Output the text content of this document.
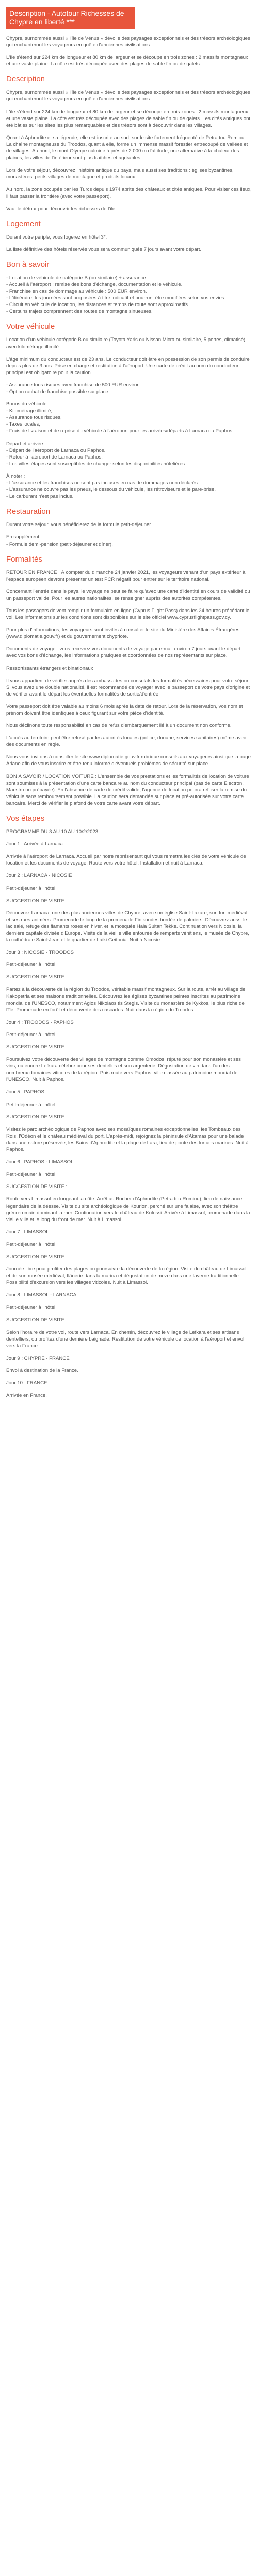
Description - Autotour Richesses de Chypre en liberté ***

Chypre, surnommée aussi « l'île de Vénus » dévoile des paysages exceptionnels et des trésors archéologiques qui enchanteront les voyageurs en quête d'anciennes civilisations.

L'île s'étend sur 224 km de longueur et 80 km de largeur et se découpe en trois zones : 2 massifs montagneux et une vaste plaine. La côte est très découpée avec des plages de sable fin ou de galets.

Description

Chypre, surnommée aussi « l'île de Vénus » dévoile des paysages exceptionnels et des trésors archéologiques qui enchanteront les voyageurs en quête d'anciennes civilisations.

L'île s'étend sur 224 km de longueur et 80 km de largeur et se découpe en trois zones : 2 massifs montagneux et une vaste plaine. La côte est très découpée avec des plages de sable fin ou de galets. Les cités antiques ont été bâties sur les sites les plus remarquables et des trésors sont à découvrir dans les villages.

Quant à Aphrodite et sa légende, elle est inscrite au sud, sur le site fortement fréquenté de Petra tou Romiou. La chaîne montagneuse du Troodos, quant à elle, forme un immense massif forestier entrecoupé de vallées et de villages. Au nord, le mont Olympe culmine à près de 2 000 m d'altitude, une alternative à la chaleur des plaines, les villes de l'intérieur sont plus fraîches et agréables.

Lors de votre séjour, découvrez l'histoire antique du pays, mais aussi ses traditions : églises byzantines, monastères, petits villages de montagne et produits locaux.

Au nord, la zone occupée par les Turcs depuis 1974 abrite des châteaux et cités antiques. Pour visiter ces lieux, il faut passer la frontière (avec votre passeport).

Vaut le détour pour découvrir les richesses de l'île.

Logement

Durant votre périple, vous logerez en hôtel 3*.

La liste définitive des hôtels réservés vous sera communiquée 7 jours avant votre départ.

Bon à savoir

- Location de véhicule de catégorie B (ou similaire) + assurance.
- Accueil à l'aéroport : remise des bons d'échange, documentation et le véhicule.
- Franchise en cas de dommage au véhicule : 500 EUR environ.
- L'itinéraire, les journées sont proposées à titre indicatif et pourront être modifiées selon vos envies.
- Circuit en véhicule de location, les distances et temps de route sont approximatifs.
- Certains trajets comprennent des routes de montagne sinueuses.

Votre véhicule

Location d'un véhicule catégorie B ou similaire (Toyota Yaris ou Nissan Micra ou similaire, 5 portes, climatisé) avec kilométrage illimité.

L'âge minimum du conducteur est de 23 ans. Le conducteur doit être en possession de son permis de conduire depuis plus de 3 ans. Prise en charge et restitution à l'aéroport. Une carte de crédit au nom du conducteur principal est obligatoire pour la caution.

- Assurance tous risques avec franchise de 500 EUR environ.
- Option rachat de franchise possible sur place.

Bonus du véhicule :
- Kilométrage illimité,
- Assurance tous risques,
- Taxes locales,
- Frais de livraison et de reprise du véhicule à l'aéroport pour les arrivées/départs à Larnaca ou Paphos.

Départ et arrivée
- Départ de l'aéroport de Larnaca ou Paphos.
- Retour à l'aéroport de Larnaca ou Paphos.
- Les villes étapes sont susceptibles de changer selon les disponibilités hôtelières.

À noter :
- L'assurance et les franchises ne sont pas incluses en cas de dommages non déclarés.
- L'assurance ne couvre pas les pneus, le dessous du véhicule, les rétroviseurs et le pare-brise.
- Le carburant n'est pas inclus.

Restauration

Durant votre séjour, vous bénéficierez de la formule petit-déjeuner.

En supplément :
- Formule demi-pension (petit-déjeuner et dîner).

Formalités

RETOUR EN FRANCE : À compter du dimanche 24 janvier 2021, les voyageurs venant d'un pays extérieur à l'espace européen devront présenter un test PCR négatif pour entrer sur le territoire national.

Concernant l'entrée dans le pays, le voyage ne peut se faire qu'avec une carte d'identité en cours de validité ou un passeport valide. Pour les autres nationalités, se renseigner auprès des autorités compétentes.

Tous les passagers doivent remplir un formulaire en ligne (Cyprus Flight Pass) dans les 24 heures précédant le vol. Les informations sur les conditions sont disponibles sur le site officiel www.cyprusflightpass.gov.cy.

Pour plus d'informations, les voyageurs sont invités à consulter le site du Ministère des Affaires Étrangères (www.diplomatie.gouv.fr) et du gouvernement chypriote.

Documents de voyage : vous recevrez vos documents de voyage par e-mail environ 7 jours avant le départ avec vos bons d'échange, les informations pratiques et coordonnées de nos représentants sur place.

Ressortissants étrangers et binationaux :

Il vous appartient de vérifier auprès des ambassades ou consulats les formalités nécessaires pour votre séjour. Si vous avez une double nationalité, il est recommandé de voyager avec le passeport de votre pays d'origine et de vérifier avant le départ les éventuelles formalités de sortie/d'entrée.

Votre passeport doit être valable au moins 6 mois après la date de retour. Lors de la réservation, vos nom et prénom doivent être identiques à ceux figurant sur votre pièce d'identité.

Nous déclinons toute responsabilité en cas de refus d'embarquement lié à un document non conforme.

L'accès au territoire peut être refusé par les autorités locales (police, douane, services sanitaires) même avec des documents en règle.

Nous vous invitons à consulter le site www.diplomatie.gouv.fr rubrique conseils aux voyageurs ainsi que la page Ariane afin de vous inscrire et être tenu informé d'éventuels problèmes de sécurité sur place.

BON À SAVOIR / LOCATION VOITURE : L'ensemble de vos prestations et les formalités de location de voiture sont soumises à la présentation d'une carte bancaire au nom du conducteur principal (pas de carte Electron, Maestro ou prépayée). En l'absence de carte de crédit valide, l'agence de location pourra refuser la remise du véhicule sans remboursement possible. La caution sera demandée sur place et pré-autorisée sur votre carte bancaire. Merci de vérifier le plafond de votre carte avant votre départ.

Vos étapes

PROGRAMME DU 3 AU 10 AU 10/2/2023

Jour 1 : Arrivée à Larnaca

Arrivée à l'aéroport de Larnaca. Accueil par notre représentant qui vous remettra les clés de votre véhicule de location et les documents de voyage. Route vers votre hôtel. Installation et nuit à Larnaca.

Jour 2 : LARNACA - NICOSIE

Petit-déjeuner à l'hôtel.

SUGGESTION DE VISITE :

Découvrez Larnaca, une des plus anciennes villes de Chypre, avec son église Saint-Lazare, son fort médiéval et ses rues animées. Promenade le long de la promenade Finikoudes bordée de palmiers. Découvrez aussi le lac salé, refuge des flamants roses en hiver, et la mosquée Hala Sultan Tekke. Continuation vers Nicosie, la dernière capitale divisée d'Europe. Visite de la vieille ville entourée de remparts vénitiens, le musée de Chypre, la cathédrale Saint-Jean et le quartier de Laiki Geitonia. Nuit à Nicosie.

Jour 3 : NICOSIE - TROODOS

Petit-déjeuner à l'hôtel.

SUGGESTION DE VISITE :

Partez à la découverte de la région du Troodos, véritable massif montagneux. Sur la route, arrêt au village de Kakopetria et ses maisons traditionnelles. Découvrez les églises byzantines peintes inscrites au patrimoine mondial de l'UNESCO, notamment Agios Nikolaos tis Stegis. Visite du monastère de Kykkos, le plus riche de l'île. Promenade en forêt et découverte des cascades. Nuit dans la région du Troodos.

Jour 4 : TROODOS - PAPHOS

Petit-déjeuner à l'hôtel.

SUGGESTION DE VISITE :

Poursuivez votre découverte des villages de montagne comme Omodos, réputé pour son monastère et ses vins, ou encore Lefkara célèbre pour ses dentelles et son argenterie. Dégustation de vin dans l'un des nombreux domaines viticoles de la région. Puis route vers Paphos, ville classée au patrimoine mondial de l'UNESCO. Nuit à Paphos.

Jour 5 : PAPHOS

Petit-déjeuner à l'hôtel.

SUGGESTION DE VISITE :

Visitez le parc archéologique de Paphos avec ses mosaïques romaines exceptionnelles, les Tombeaux des Rois, l'Odéon et le château médiéval du port. L'après-midi, rejoignez la péninsule d'Akamas pour une balade dans une nature préservée, les Bains d'Aphrodite et la plage de Lara, lieu de ponte des tortues marines. Nuit à Paphos.

Jour 6 : PAPHOS - LIMASSOL

Petit-déjeuner à l'hôtel.

SUGGESTION DE VISITE :

Route vers Limassol en longeant la côte. Arrêt au Rocher d'Aphrodite (Petra tou Romiou), lieu de naissance légendaire de la déesse. Visite du site archéologique de Kourion, perché sur une falaise, avec son théâtre gréco-romain dominant la mer. Continuation vers le château de Kolossi. Arrivée à Limassol, promenade dans la vieille ville et le long du front de mer. Nuit à Limassol.

Jour 7 : LIMASSOL

Petit-déjeuner à l'hôtel.

SUGGESTION DE VISITE :

Journée libre pour profiter des plages ou poursuivre la découverte de la région. Visite du château de Limassol et de son musée médiéval, flânerie dans la marina et dégustation de meze dans une taverne traditionnelle. Possibilité d'excursion vers les villages viticoles. Nuit à Limassol.

Jour 8 : LIMASSOL - LARNACA

Petit-déjeuner à l'hôtel.

SUGGESTION DE VISITE :

Selon l'horaire de votre vol, route vers Larnaca. En chemin, découvrez le village de Lefkara et ses artisans dentelliers, ou profitez d'une dernière baignade. Restitution de votre véhicule de location à l'aéroport et envol vers la France.

Jour 9 : CHYPRE - FRANCE

Envol à destination de la France.

Jour 10 : FRANCE

Arrivée en France.
